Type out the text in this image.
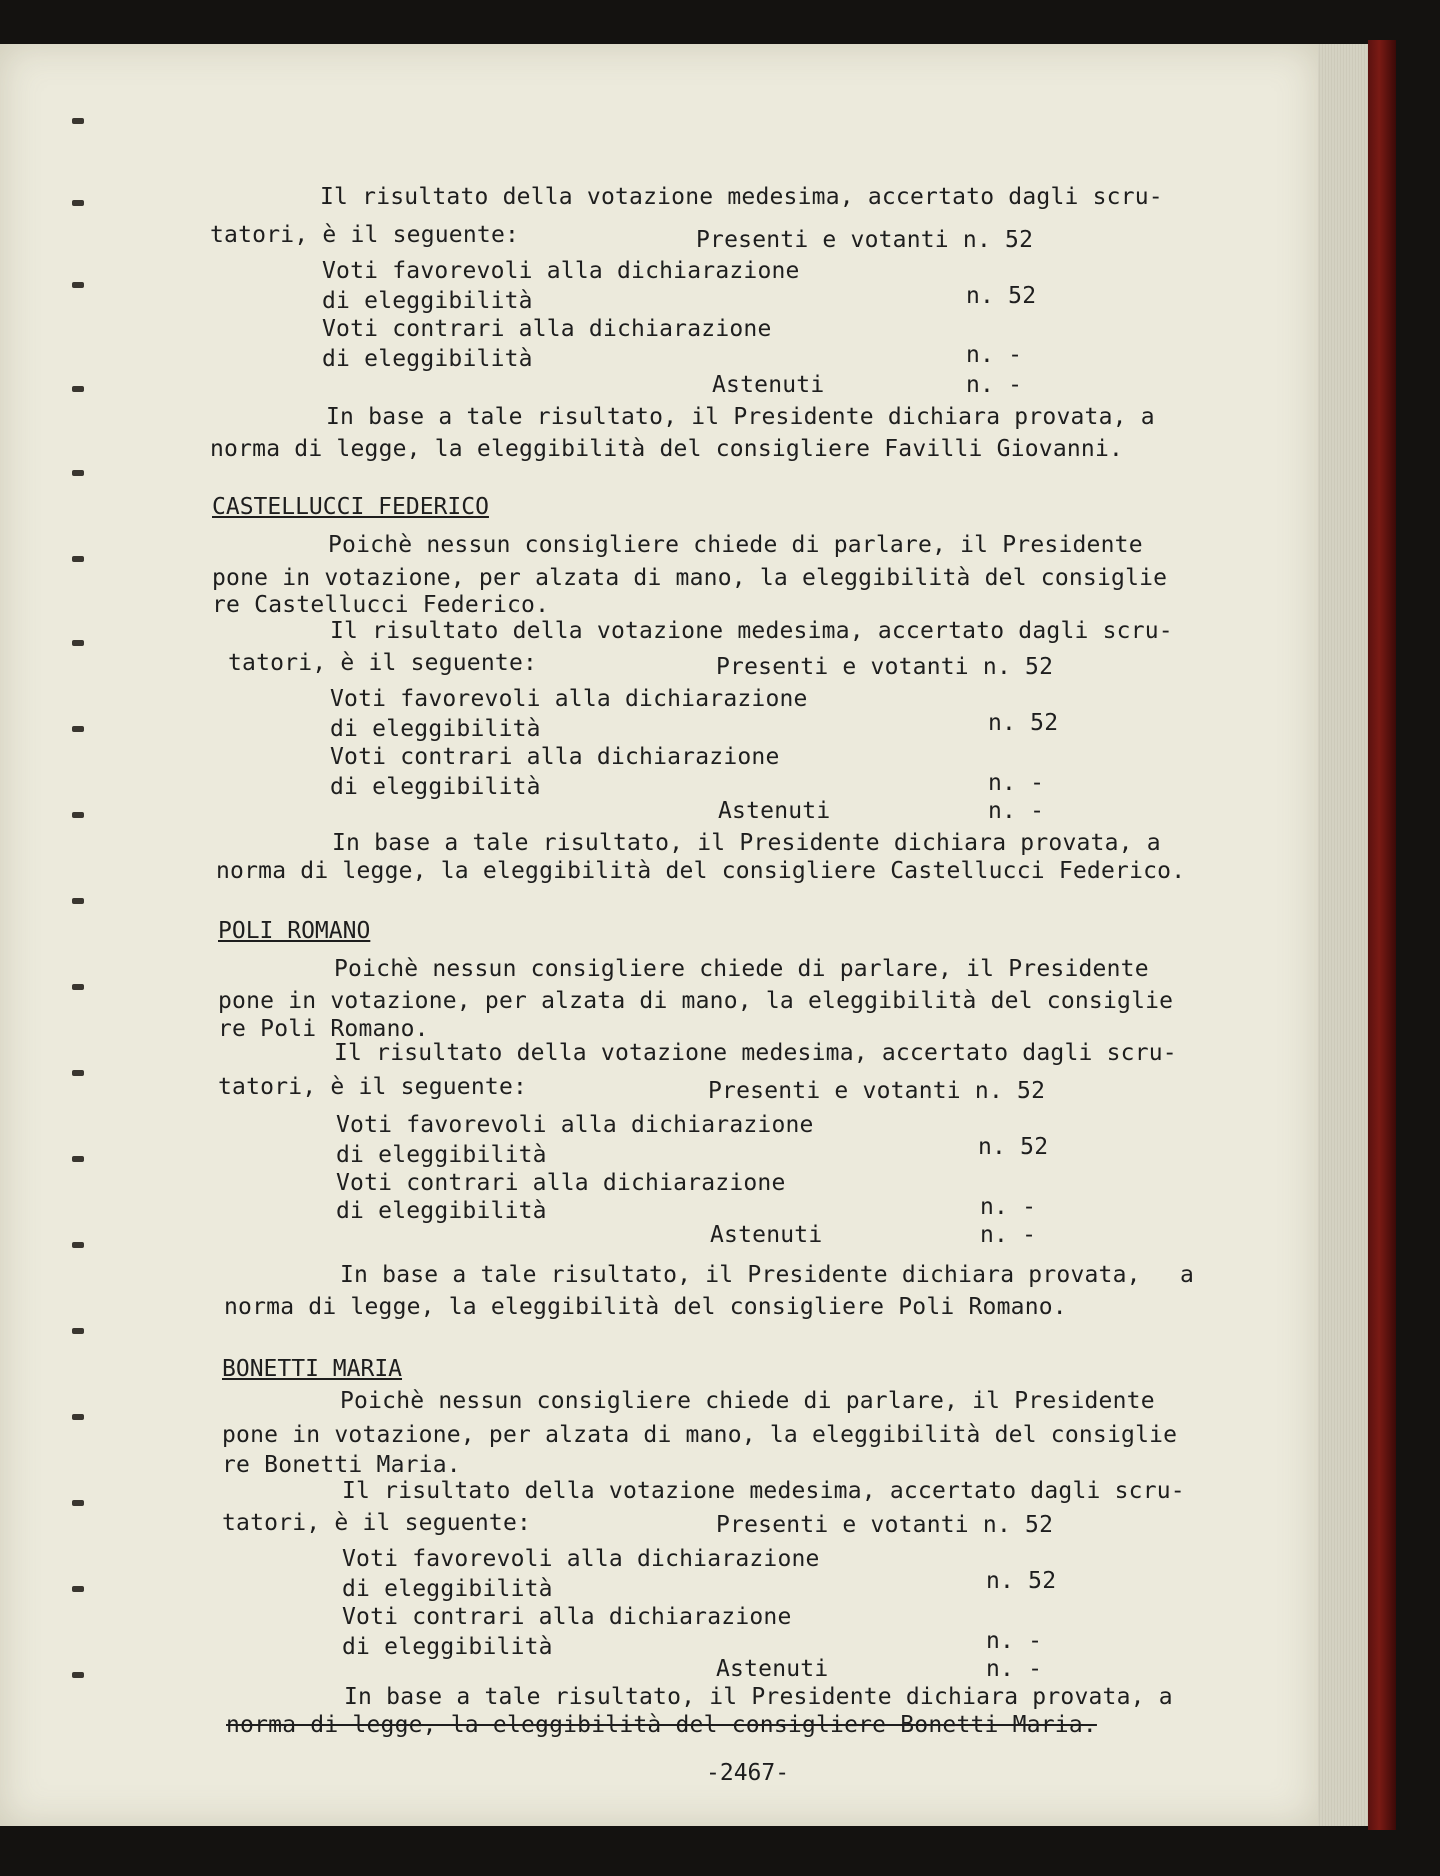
Il risultato della votazione medesima, accertato dagli scru-
tatori, è il seguente:	Presenti e votanti n. 52
Voti favorevoli alla dichiarazione
di eleggibilità	n. 52
Voti contrari alla dichiarazione
di eleggibilità	n. -
Astenuti	n. -
In base a tale risultato, il Presidente dichiara provata, a
norma di legge, la eleggibilità del consigliere Favilli Giovanni.
CASTELLUCCI FEDERICO
Poichè nessun consigliere chiede di parlare, il Presidente
pone in votazione, per alzata di mano, la eleggibilità del consiglie
re Castellucci Federico.
Il risultato della votazione medesima, accertato dagli scru-
tatori, è il seguente:	Presenti e votanti n. 52
Voti favorevoli alla dichiarazione
di eleggibilità	n. 52
Voti contrari alla dichiarazione
di eleggibilità	n. -
Astenuti	n. -
In base a tale risultato, il Presidente dichiara provata, a
norma di legge, la eleggibilità del consigliere Castellucci Federico.
POLI ROMANO
Poichè nessun consigliere chiede di parlare, il Presidente
pone in votazione, per alzata di mano, la eleggibilità del consiglie
re Poli Romano.
Il risultato della votazione medesima, accertato dagli scru-
tatori, è il seguente:	Presenti e votanti n. 52
Voti favorevoli alla dichiarazione
di eleggibilità	n. 52
Voti contrari alla dichiarazione
di eleggibilità	n. -
Astenuti	n. -
In base a tale risultato, il Presidente dichiara provata, a
norma di legge, la eleggibilità del consigliere Poli Romano.
BONETTI MARIA
Poichè nessun consigliere chiede di parlare, il Presidente
pone in votazione, per alzata di mano, la eleggibilità del consiglie
re Bonetti Maria.
Il risultato della votazione medesima, accertato dagli scru-
tatori, è il seguente:	Presenti e votanti n. 52
Voti favorevoli alla dichiarazione
di eleggibilità	n. 52
Voti contrari alla dichiarazione
di eleggibilità	n. -
Astenuti	n. -
In base a tale risultato, il Presidente dichiara provata, a
norma di legge, la eleggibilità del consigliere Bonetti Maria.
-2467-
